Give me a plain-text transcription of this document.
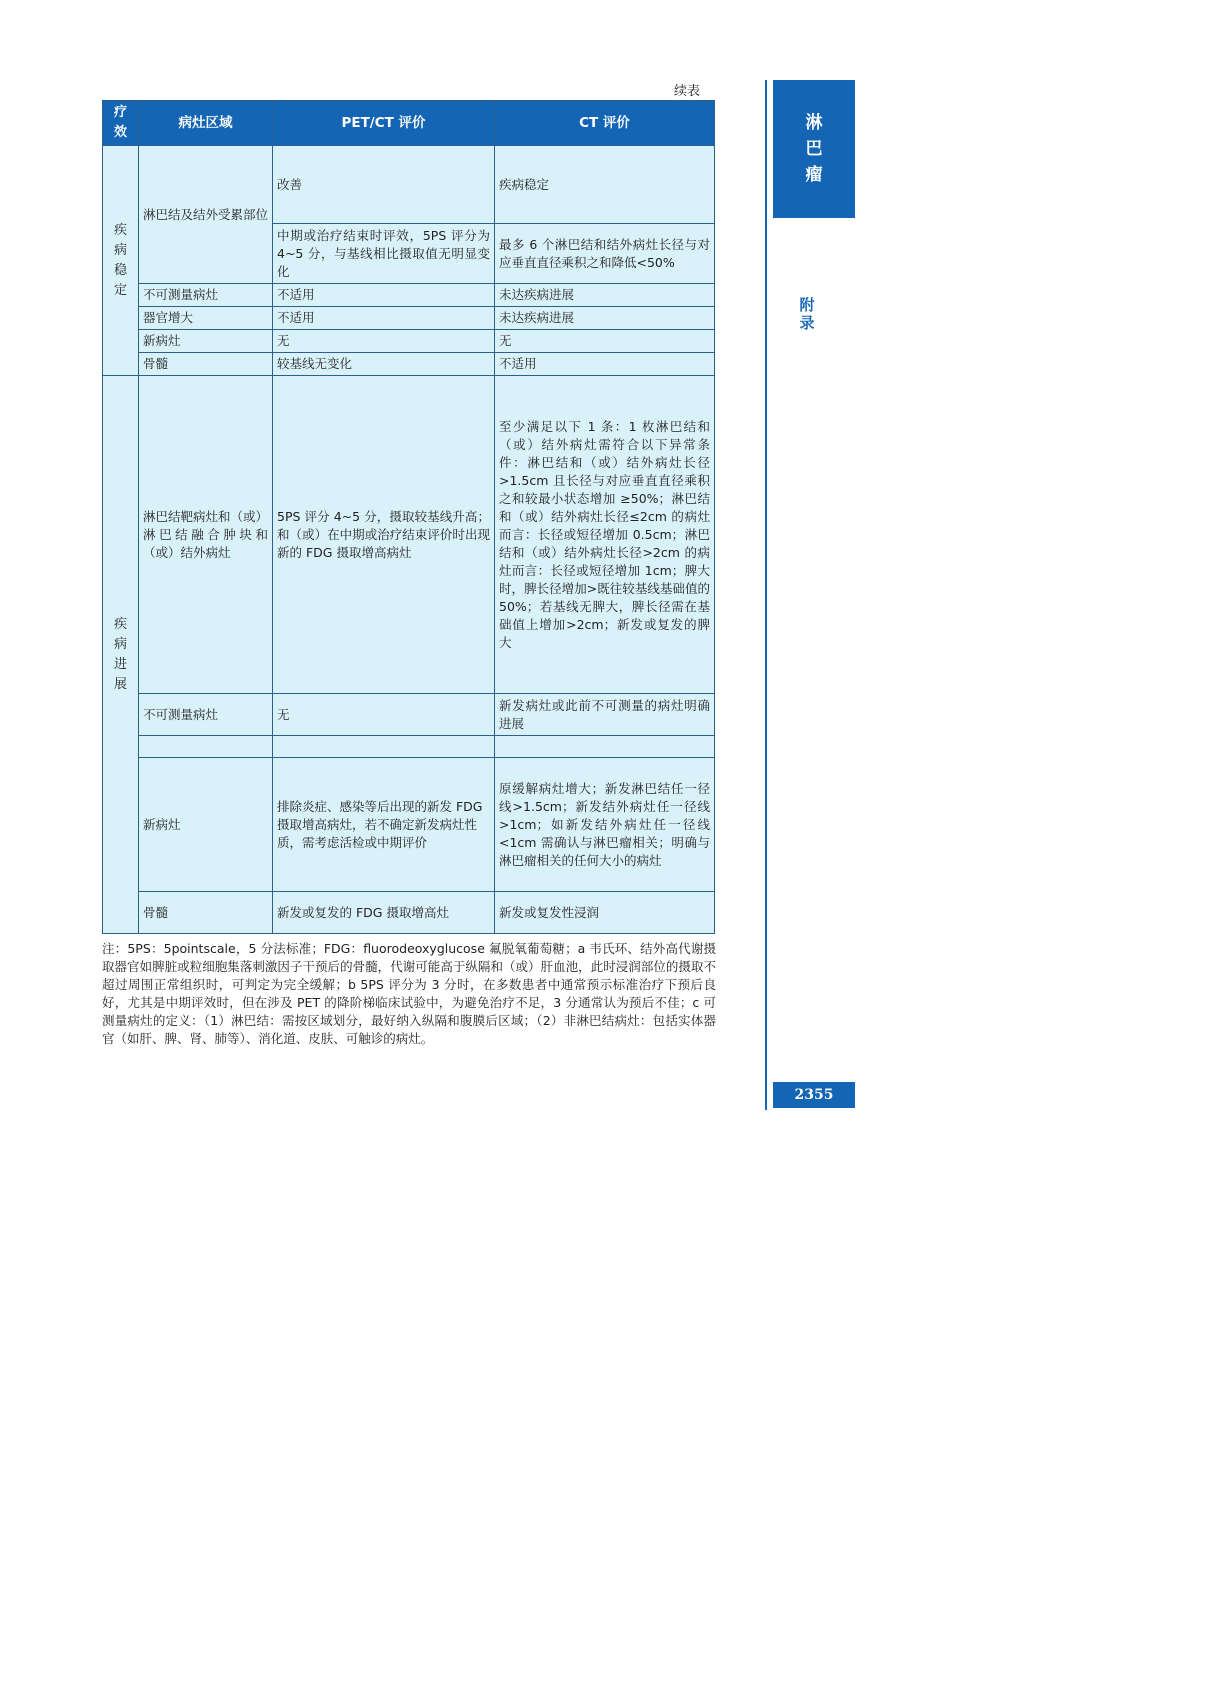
续表
疗效	病灶区域	PET/CT 评价	CT 评价
疾病稳定	淋巴结及结外受累部位	改善	疾病稳定
		中期或治疗结束时评效，5PS 评分为 4~5 分，与基线相比摄取值无明显变化	最多 6 个淋巴结和结外病灶长径与对应垂直直径乘积之和降低<50%
	不可测量病灶	不适用	未达疾病进展
	器官增大	不适用	未达疾病进展
	新病灶	无	无
	骨髓	较基线无变化	不适用
疾病进展	淋巴结靶病灶和（或）淋巴结融合肿块和（或）结外病灶	5PS 评分 4~5 分，摄取较基线升高；和（或）在中期或治疗结束评价时出现新的 FDG 摄取增高病灶	至少满足以下 1 条：1 枚淋巴结和（或）结外病灶需符合以下异常条件：淋巴结和（或）结外病灶长径>1.5cm 且长径与对应垂直直径乘积之和较最小状态增加 ≥50%；淋巴结和（或）结外病灶长径≤2cm 的病灶而言：长径或短径增加 0.5cm；淋巴结和（或）结外病灶长径>2cm 的病灶而言：长径或短径增加 1cm；脾大时，脾长径增加>既往较基线基础值的 50%；若基线无脾大，脾长径需在基础值上增加>2cm；新发或复发的脾大
	不可测量病灶	无	新发病灶或此前不可测量的病灶明确进展

	新病灶	排除炎症、感染等后出现的新发 FDG 摄取增高病灶，若不确定新发病灶性质，需考虑活检或中期评价	原缓解病灶增大；新发淋巴结任一径线>1.5cm；新发结外病灶任一径线>1cm；如新发结外病灶任一径线<1cm 需确认与淋巴瘤相关；明确与淋巴瘤相关的任何大小的病灶
	骨髓	新发或复发的 FDG 摄取增高灶	新发或复发性浸润
注：5PS：5pointscale，5 分法标准；FDG：fluorodeoxyglucose 氟脱氧葡萄糖；a 韦氏环、结外高代谢摄取器官如脾脏或粒细胞集落刺激因子干预后的骨髓，代谢可能高于纵隔和（或）肝血池，此时浸润部位的摄取不超过周围正常组织时，可判定为完全缓解；b 5PS 评分为 3 分时，在多数患者中通常预示标准治疗下预后良好，尤其是中期评效时，但在涉及 PET 的降阶梯临床试验中，为避免治疗不足，3 分通常认为预后不佳；c 可测量病灶的定义：（1）淋巴结：需按区域划分，最好纳入纵隔和腹膜后区域；（2）非淋巴结病灶：包括实体器官（如肝、脾、肾、肺等）、消化道、皮肤、可触诊的病灶。
淋巴瘤
附录
2355
